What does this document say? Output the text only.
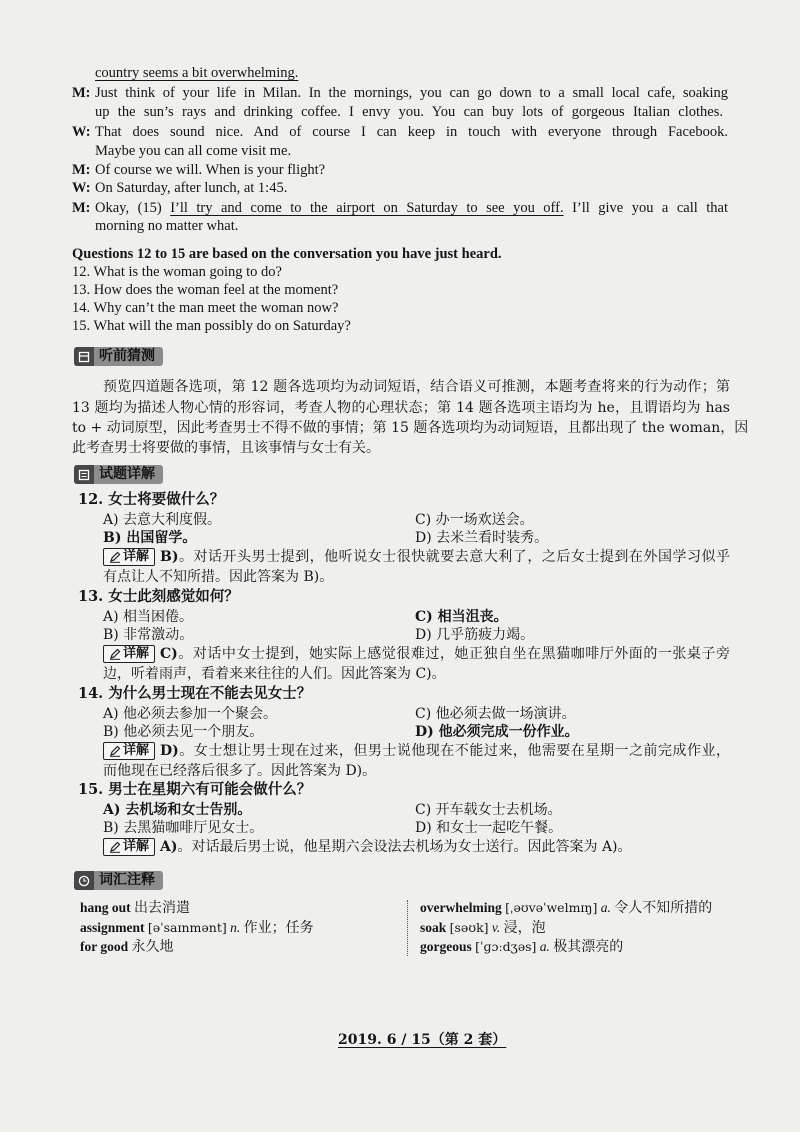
country seems a bit overwhelming.
M: Just think of your life in Milan. In the mornings, you can go down to a small local cafe, soaking
up the sun’s rays and drinking coffee. I envy you. You can buy lots of gorgeous Italian clothes.
W: That does sound nice. And of course I can keep in touch with everyone through Facebook.
Maybe you can all come visit me.
M: Of course we will. When is your flight?
W: On Saturday, after lunch, at 1:45.
M: Okay, (15) I’ll try and come to the airport on Saturday to see you off. I’ll give you a call that
morning no matter what.
Questions 12 to 15 are based on the conversation you have just heard.
12. What is the woman going to do?
13. How does the woman feel at the moment?
14. Why can’t the man meet the woman now?
15. What will the man possibly do on Saturday?
听前猜测
预览四道题各选项，第 12 题各选项均为动词短语，结合语义可推测，本题考查将来的行为动作；第
13 题均为描述人物心情的形容词，考查人物的心理状态；第 14 题各选项主语均为 he，且谓语均为 has
to + 动词原型，因此考查男士不得不做的事情；第 15 题各选项均为动词短语，且都出现了 the woman，因
此考查男士将要做的事情，且该事情与女士有关。
试题详解
12. 女士将要做什么？
A) 去意大利度假。	C) 办一场欢送会。
B) 出国留学。	D) 去米兰看时装秀。
详解 B)。对话开头男士提到，他听说女士很快就要去意大利了，之后女士提到在外国学习似乎
有点让人不知所措。因此答案为 B)。
13. 女士此刻感觉如何？
A) 相当困倦。	C) 相当沮丧。
B) 非常激动。	D) 几乎筋疲力竭。
详解 C)。对话中女士提到，她实际上感觉很难过，她正独自坐在黑猫咖啡厅外面的一张桌子旁
边，听着雨声，看着来来往往的人们。因此答案为 C)。
14. 为什么男士现在不能去见女士？
A) 他必须去参加一个聚会。	C) 他必须去做一场演讲。
B) 他必须去见一个朋友。	D) 他必须完成一份作业。
详解 D)。女士想让男士现在过来，但男士说他现在不能过来，他需要在星期一之前完成作业，
而他现在已经落后很多了。因此答案为 D)。
15. 男士在星期六有可能会做什么？
A) 去机场和女士告别。	C) 开车载女士去机场。
B) 去黑猫咖啡厅见女士。	D) 和女士一起吃午餐。
详解 A)。对话最后男士说，他星期六会设法去机场为女士送行。因此答案为 A)。
词汇注释
hang out 出去消遣
assignment [əˈsaɪnmənt] n. 作业；任务
for good 永久地
overwhelming [ˌəʊvəˈwelmɪŋ] a. 令人不知所措的
soak [səʊk] v. 浸，泡
gorgeous [ˈɡɔːdʒəs] a. 极其漂亮的
2019. 6 / 15（第 2 套）
